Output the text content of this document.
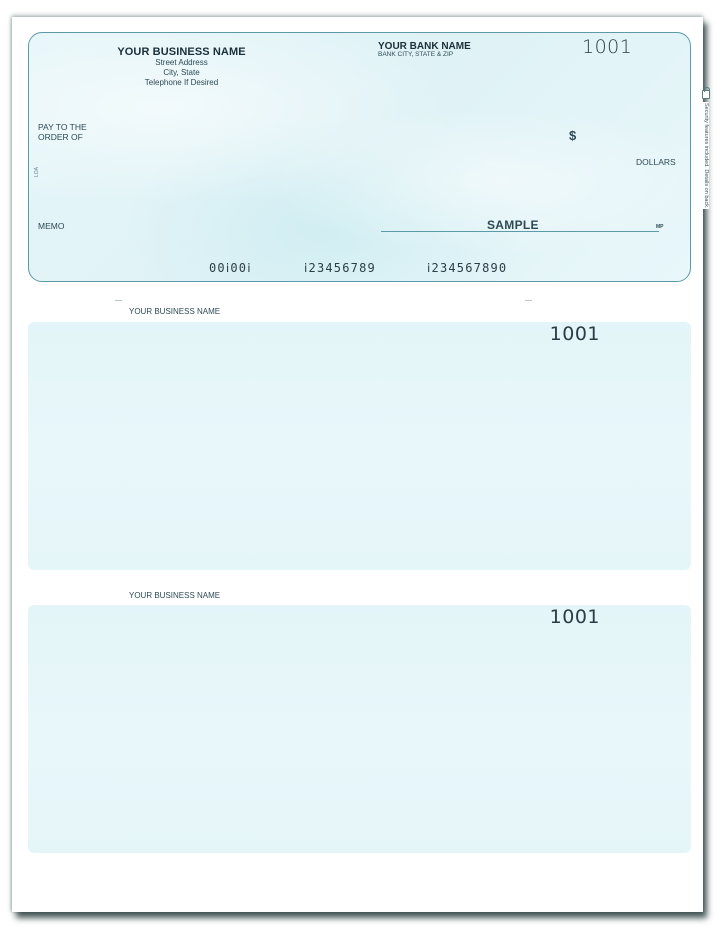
YOUR BUSINESS NAME
Street Address
City, State
Telephone If Desired
YOUR BANK NAME
BANK CITY, STATE & ZIP	1001
PAY TO THE
ORDER OF	$
DOLLARS
MEMO	SAMPLE	MP
00ⅰ00ⅰ	ⅰ23456789	ⅰ234567890
Security features included. Details on back.
LOA
YOUR BUSINESS NAME
1001
YOUR BUSINESS NAME
1001
